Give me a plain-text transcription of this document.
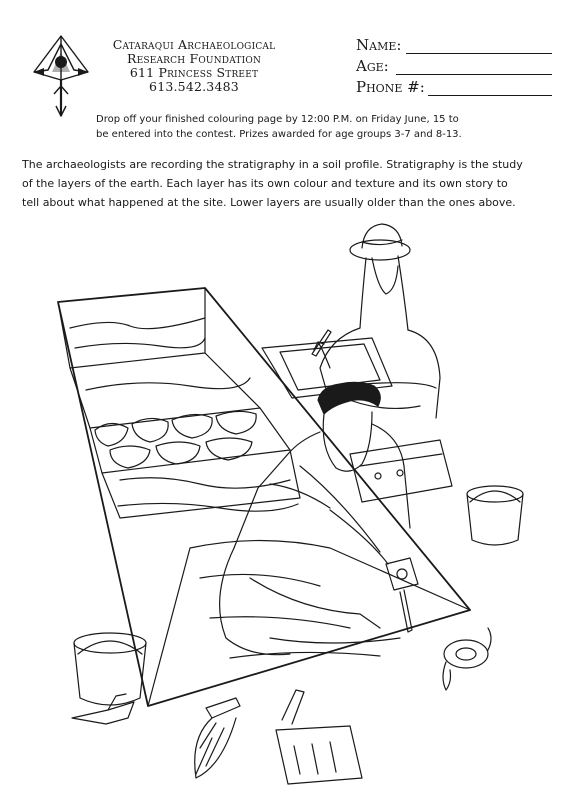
Cataraqui Archaeological
Research Foundation
611 Princess Street
613.542.3483
Name:
Age:
Phone #:
Drop off your finished colouring page by 12:00 P.M. on Friday June, 15 to
be entered into the contest. Prizes awarded for age groups 3-7 and 8-13.
The archaeologists are recording the stratigraphy in a soil profile. Stratigraphy is the study
of the layers of the earth. Each layer has its own colour and texture and its own story to
tell about what happened at the site. Lower layers are usually older than the ones above.
